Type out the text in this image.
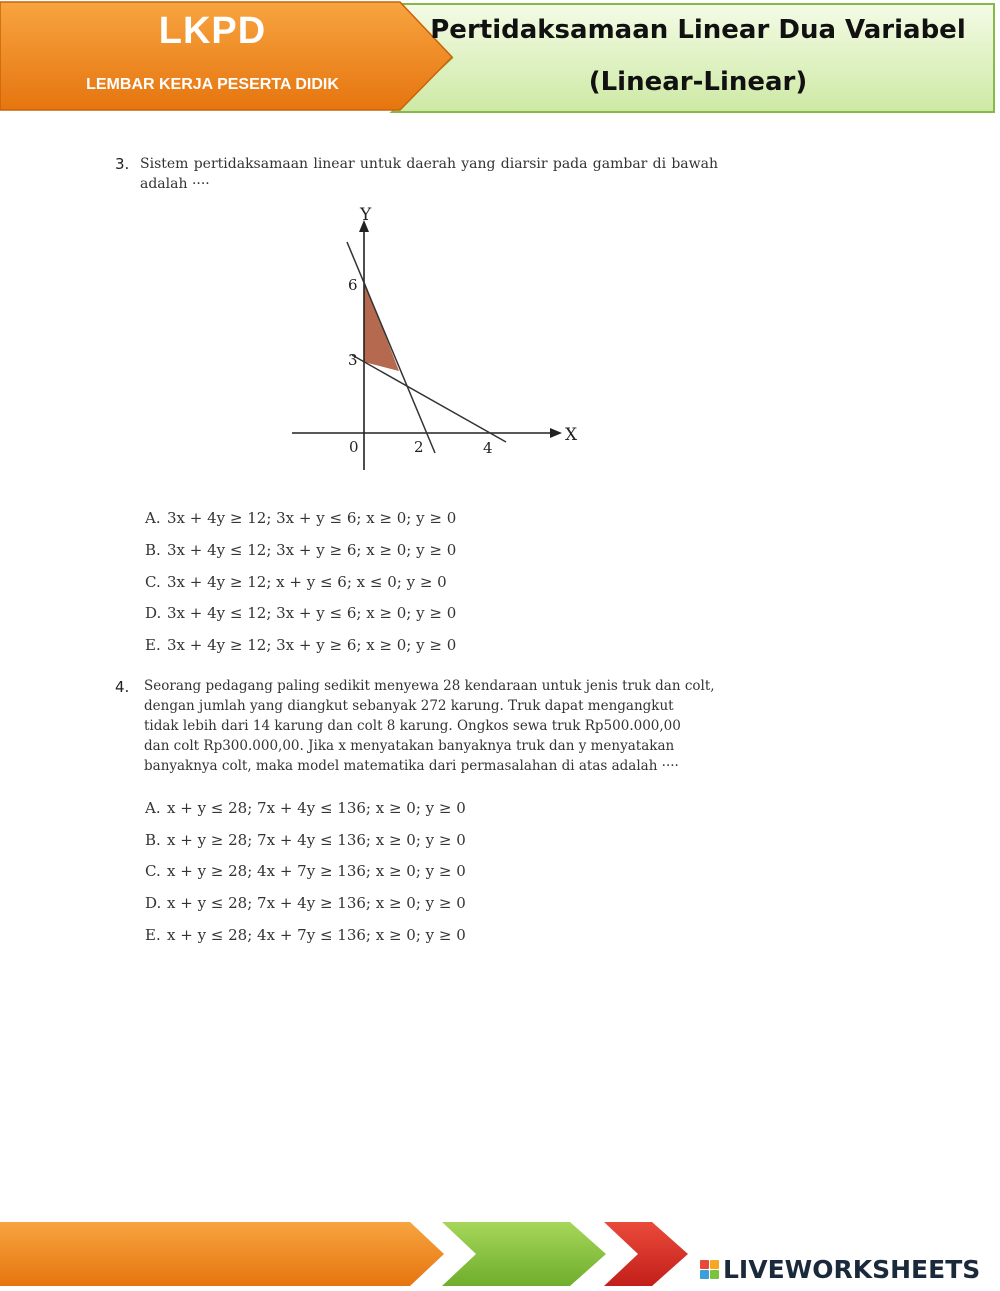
LKPD
LEMBAR KERJA PESERTA DIDIK
Pertidaksamaan Linear Dua Variabel
(Linear-Linear)
3. Sistem pertidaksamaan linear untuk daerah yang diarsir pada gambar di bawah adalah ····
Y
X
6
3
0	2	4
A. 3x + 4y ≥ 12; 3x + y ≤ 6; x ≥ 0; y ≥ 0
B. 3x + 4y ≤ 12; 3x + y ≥ 6; x ≥ 0; y ≥ 0
C. 3x + 4y ≥ 12; x + y ≤ 6; x ≤ 0; y ≥ 0
D. 3x + 4y ≤ 12; 3x + y ≤ 6; x ≥ 0; y ≥ 0
E. 3x + 4y ≥ 12; 3x + y ≥ 6; x ≥ 0; y ≥ 0
4. Seorang pedagang paling sedikit menyewa 28 kendaraan untuk jenis truk dan colt,
dengan jumlah yang diangkut sebanyak 272 karung. Truk dapat mengangkut
tidak lebih dari 14 karung dan colt 8 karung. Ongkos sewa truk Rp500.000,00
dan colt Rp300.000,00. Jika x menyatakan banyaknya truk dan y menyatakan
banyaknya colt, maka model matematika dari permasalahan di atas adalah ····
A. x + y ≤ 28; 7x + 4y ≤ 136; x ≥ 0; y ≥ 0
B. x + y ≥ 28; 7x + 4y ≤ 136; x ≥ 0; y ≥ 0
C. x + y ≥ 28; 4x + 7y ≥ 136; x ≥ 0; y ≥ 0
D. x + y ≤ 28; 7x + 4y ≥ 136; x ≥ 0; y ≥ 0
E. x + y ≤ 28; 4x + 7y ≤ 136; x ≥ 0; y ≥ 0
LIVEWORKSHEETS
